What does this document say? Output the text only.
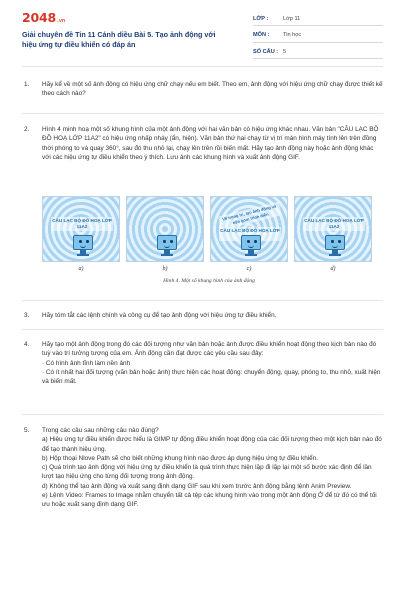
2048.vn
Giải chuyên đề Tin 11 Cánh diều Bài 5. Tạo ảnh động với hiệu ứng tự điều khiển có đáp án
LỚP :	Lớp 11
MÔN :	Tin học
SỐ CÂU : 5
1. Hãy kể về một số ảnh động có hiệu ứng chữ chạy nếu em biết. Theo em, ảnh động với hiệu ứng chữ chạy được thiết kế theo cách nào?
2. Hình 4 minh hoạ một số khung hình của một ảnh động với hai văn bản có hiệu ứng khác nhau. Văn bản "CÂU LẠC BỘ ĐỒ HOẠ LỚP 11A2" có hiệu ứng nhấp nháy (ẩn, hiện). Văn bản thứ hai chạy từ vị trí màn hình máy tính lên trên đồng thời phóng to và quay 360°, sau đó thu nhỏ lại, chạy lên trên rồi biến mất. Hãy tạo ảnh động này hoặc ảnh động khác với các hiệu ứng tự điều khiển theo ý thích. Lưu ảnh các khung hình và xuất ảnh động GIF.
CÂU LẠC BỘ ĐỒ HOẠ LỚP 11A2
Vẽ trong tri, tạo ảnh động và tiến gom trình diễn
CÂU LẠC BỘ ĐỒ HOẠ LỚP
CÂU LẠC BỘ ĐỒ HOẠ LỚP 11A2
a)	b)	c)	d)
Hình 4. Một số khung hình của ảnh động
3. Hãy tóm tắt các lệnh chính và công cụ để tạo ảnh động với hiệu ứng tự điều khiển.
4. Hãy tạo một ảnh động trong đó các đối tượng như văn bản hoặc ảnh được điều khiển hoạt động theo kịch bản nào đó tuỳ vào trí tưởng tượng của em. Ảnh động cần đạt được các yêu cầu sau đây:
· Có hình ảnh tĩnh làm nền ảnh
· Có ít nhất hai đối tượng (văn bản hoặc ảnh) thực hiện các hoạt động: chuyển động, quay, phóng to, thu nhỏ, xuất hiện và biến mất.
5. Trong các câu sau những câu nào đúng?
a) Hiệu ứng tự điều khiển được hiểu là GIMP tự động điều khiển hoạt động của các đối tượng theo một kịch bản nào đó để tạo thành hiệu ứng.
b) Hộp thoại Nlove Path sẽ cho biết những khung hình nào được áp dụng hiệu ứng tự điều khiển.
c) Quá trình tạo ảnh động với hiệu ứng tự điều khiển là quá trình thực hiện lặp đi lặp lại một số bước xác định để lần lượt tạo hiệu ứng cho từng đối tượng trong ảnh động.
d) Không thể tạo ảnh động và xuất sang định dạng GIF sau khi xem trước ảnh động bằng lệnh Anim Preview.
e) Lệnh Video: Frames to Image nhằm chuyển tất cả tệp các khung hình vào trong một ảnh động Ở để từ đó có thể tối ưu hoặc xuất sang định dạng GIF.
